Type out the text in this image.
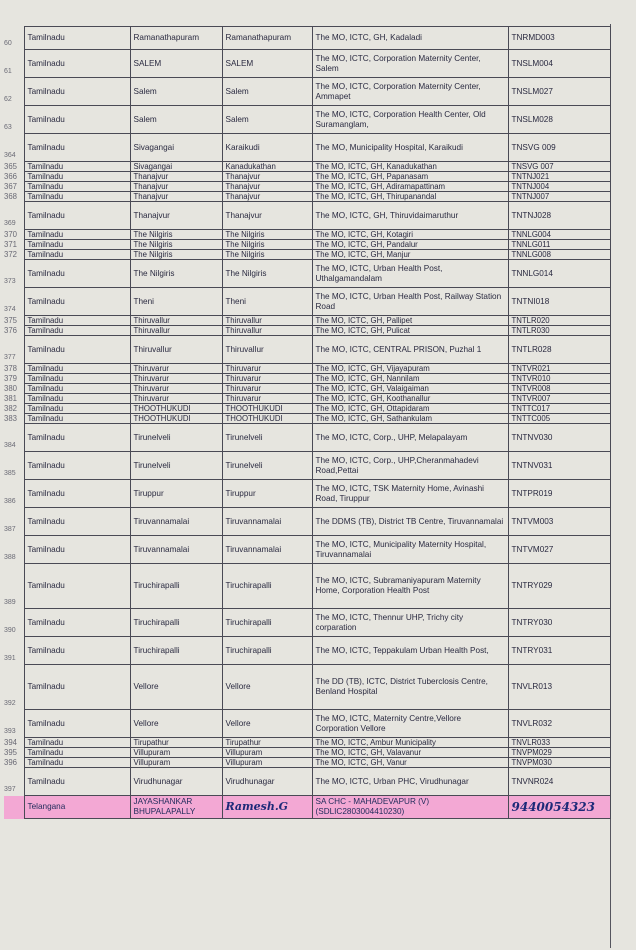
60	Tamilnadu	Ramanathapuram	Ramanathapuram	The MO, ICTC, GH, Kadaladi	TNRMD003
61	Tamilnadu	SALEM	SALEM	The MO, ICTC, Corporation Maternity Center, Salem	TNSLM004
62	Tamilnadu	Salem	Salem	The MO, ICTC, Corporation Maternity Center, Ammapet	TNSLM027
63	Tamilnadu	Salem	Salem	The MO, ICTC, Corporation Health Center, Old Suramanglam,	TNSLM028
364	Tamilnadu	Sivagangai	Karaikudi	The MO, Municipality Hospital, Karaikudi	TNSVG 009
365	Tamilnadu	Sivagangai	Kanadukathan	The MO, ICTC, GH, Kanadukathan	TNSVG 007
366	Tamilnadu	Thanajvur	Thanajvur	The MO, ICTC, GH, Papanasam	TNTNJ021
367	Tamilnadu	Thanajvur	Thanajvur	The MO, ICTC, GH, Adiramapattinam	TNTNJ004
368	Tamilnadu	Thanajvur	Thanajvur	The MO, ICTC, GH, Thirupanandal	TNTNJ007
369	Tamilnadu	Thanajvur	Thanajvur	The MO, ICTC, GH, Thiruvidaimaruthur	TNTNJ028
370	Tamilnadu	The Nilgiris	The Nilgiris	The MO, ICTC, GH, Kotagiri	TNNLG004
371	Tamilnadu	The Nilgiris	The Nilgiris	The MO, ICTC, GH, Pandalur	TNNLG011
372	Tamilnadu	The Nilgiris	The Nilgiris	The MO, ICTC, GH, Manjur	TNNLG008
373	Tamilnadu	The Nilgiris	The Nilgiris	The MO, ICTC, Urban Health Post, Uthalgamandalam	TNNLG014
374	Tamilnadu	Theni	Theni	The MO, ICTC, Urban Health Post, Railway Station Road	TNTNI018
375	Tamilnadu	Thiruvallur	Thiruvallur	The MO, ICTC, GH, Pallipet	TNTLR020
376	Tamilnadu	Thiruvallur	Thiruvallur	The MO, ICTC, GH, Pulicat	TNTLR030
377	Tamilnadu	Thiruvallur	Thiruvallur	The MO, ICTC, CENTRAL PRISON, Puzhal 1	TNTLR028
378	Tamilnadu	Thiruvarur	Thiruvarur	The MO, ICTC, GH, Vijayapuram	TNTVR021
379	Tamilnadu	Thiruvarur	Thiruvarur	The MO, ICTC, GH, Nannilam	TNTVR010
380	Tamilnadu	Thiruvarur	Thiruvarur	The MO, ICTC, GH, Valaigaiman	TNTVR008
381	Tamilnadu	Thiruvarur	Thiruvarur	The MO, ICTC, GH, Koothanallur	TNTVR007
382	Tamilnadu	THOOTHUKUDI	THOOTHUKUDI	The MO, ICTC, GH, Ottapidaram	TNTTC017
383	Tamilnadu	THOOTHUKUDI	THOOTHUKUDI	The MO, ICTC, GH, Sathankulam	TNTTC005
384	Tamilnadu	Tirunelveli	Tirunelveli	The MO, ICTC, Corp., UHP, Melapalayam	TNTNV030
385	Tamilnadu	Tirunelveli	Tirunelveli	The MO, ICTC, Corp., UHP,Cheranmahadevi Road,Pettai	TNTNV031
386	Tamilnadu	Tiruppur	Tiruppur	The MO, ICTC, TSK Maternity Home, Avinashi Road, Tiruppur	TNTPR019
387	Tamilnadu	Tiruvannamalai	Tiruvannamalai	The DDMS (TB), District TB Centre, Tiruvannamalai	TNTVM003
388	Tamilnadu	Tiruvannamalai	Tiruvannamalai	The MO, ICTC, Municipality Maternity Hospital, Tiruvannamalai	TNTVM027
389	Tamilnadu	Tiruchirapalli	Tiruchirapalli	The MO, ICTC, Subramaniyapuram Maternity Home, Corporation Health Post	TNTRY029
390	Tamilnadu	Tiruchirapalli	Tiruchirapalli	The MO, ICTC, Thennur UHP, Trichy city corparation	TNTRY030
391	Tamilnadu	Tiruchirapalli	Tiruchirapalli	The MO, ICTC, Teppakulam Urban Health Post,	TNTRY031
392	Tamilnadu	Vellore	Vellore	The DD (TB), ICTC, District Tuberclosis Centre, Benland Hospital	TNVLR013
393	Tamilnadu	Vellore	Vellore	The MO, ICTC, Maternity Centre,Vellore Corporation Vellore	TNVLR032
394	Tamilnadu	Tirupathur	Tirupathur	The MO, ICTC, Ambur Municipality	TNVLR033
395	Tamilnadu	Villupuram	Villupuram	The MO, ICTC, GH, Valavanur	TNVPM029
396	Tamilnadu	Villupuram	Villupuram	The MO, ICTC, GH, Vanur	TNVPM030
397	Tamilnadu	Virudhunagar	Virudhunagar	The MO, ICTC, Urban PHC, Virudhunagar	TNVNR024
	Telangana	JAYASHANKAR BHUPALAPALLY	Ramesh.G	SA CHC - MAHADEVAPUR (V) (SDLIC2803004410230)	9440054323
